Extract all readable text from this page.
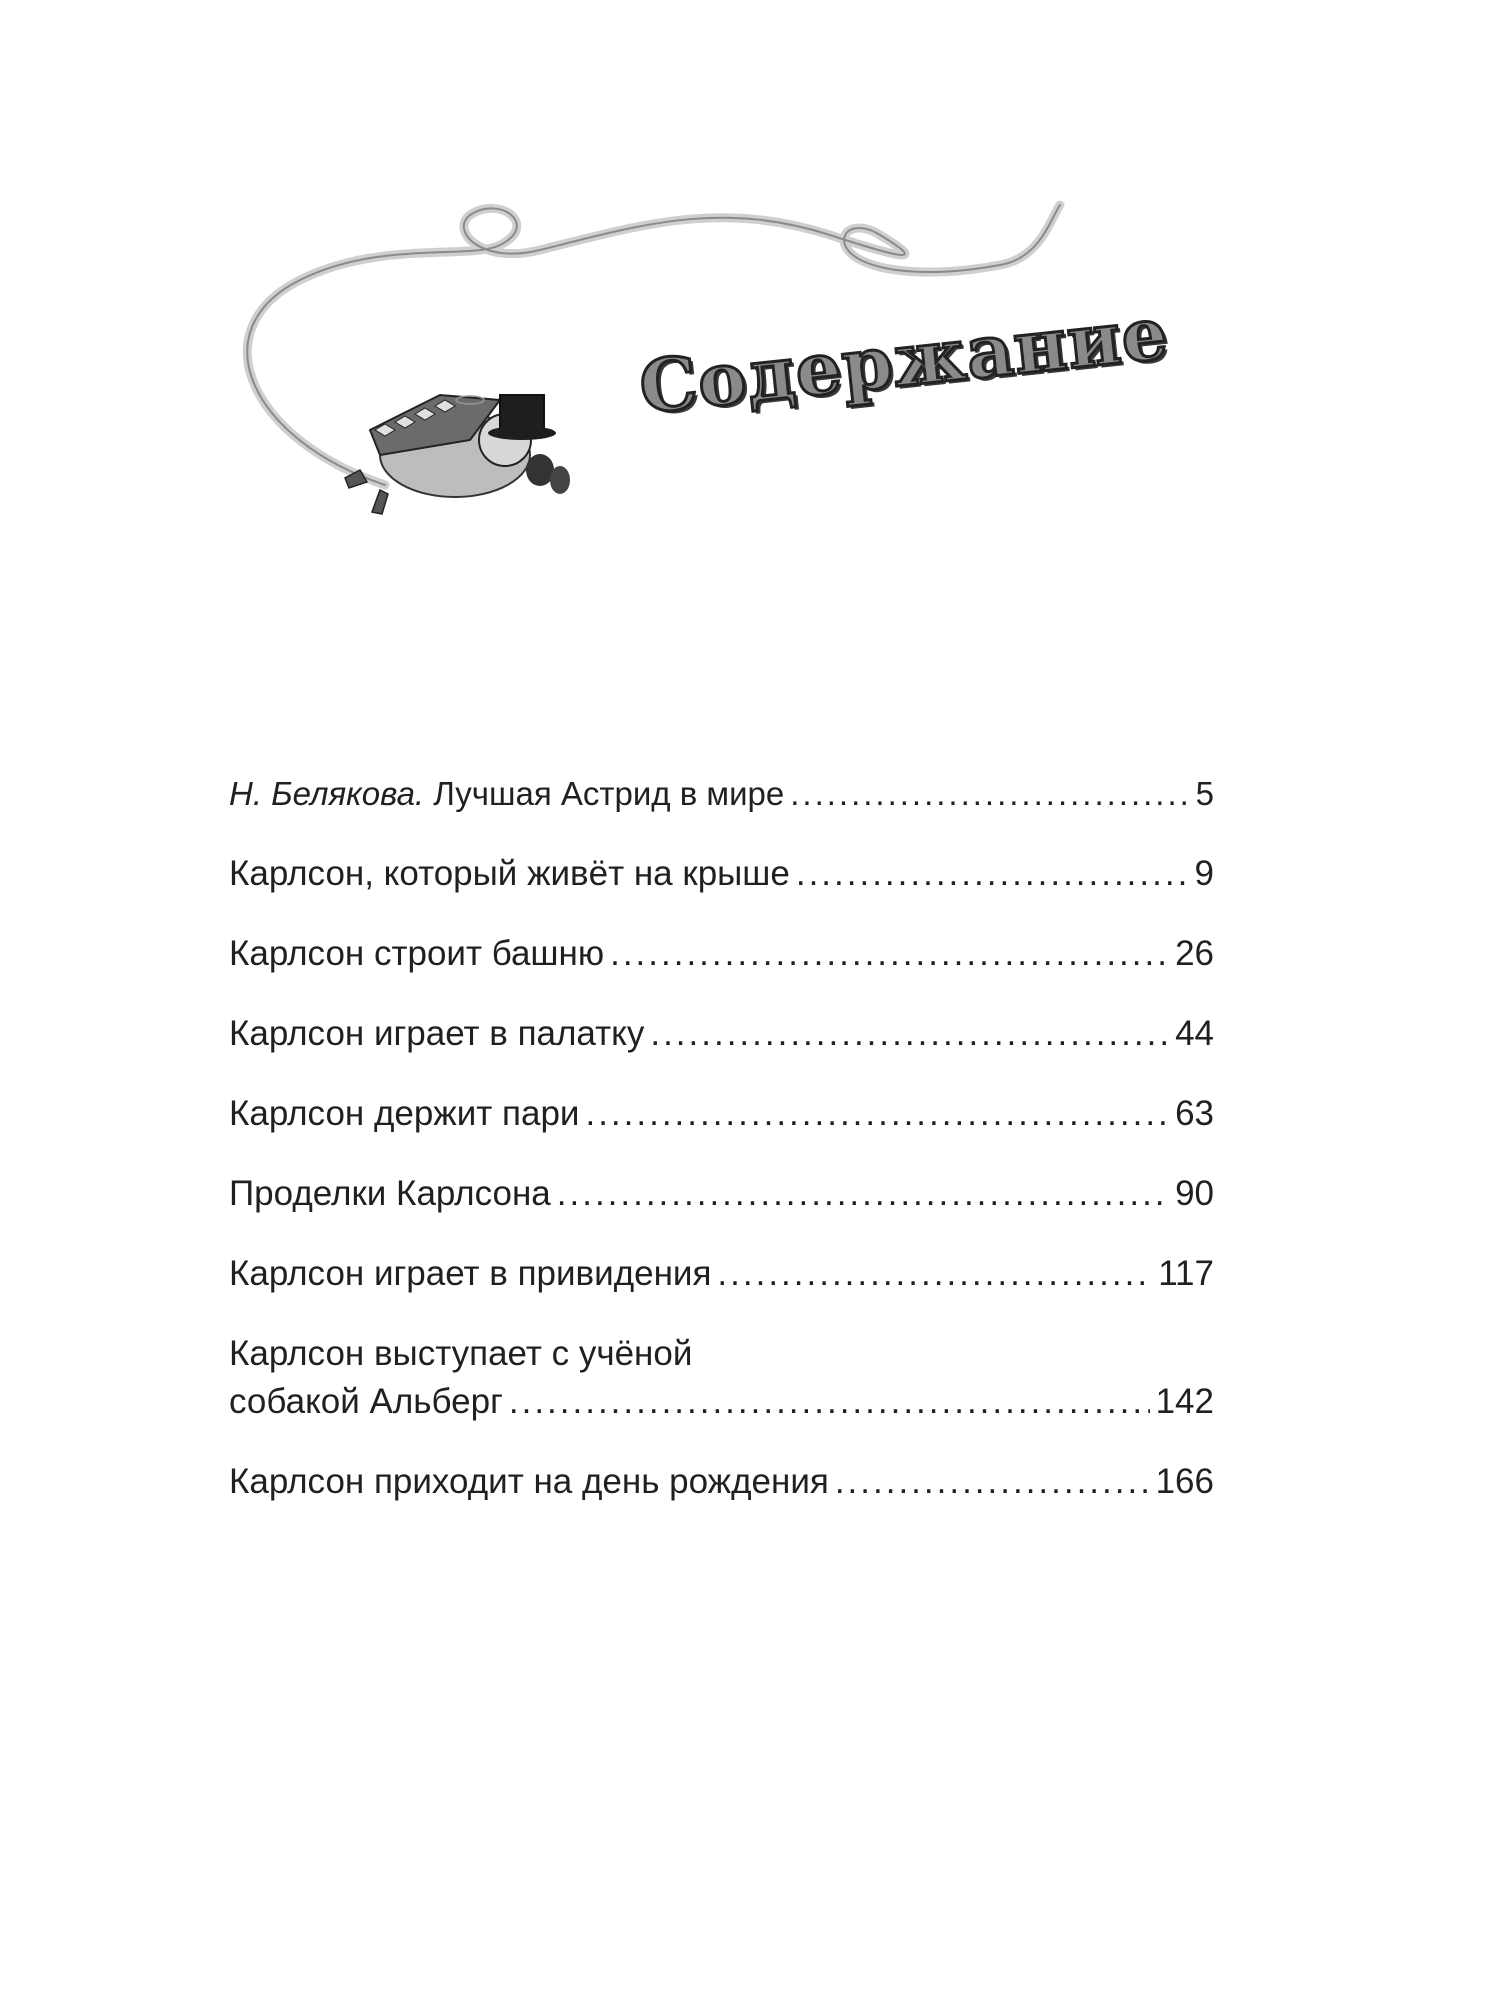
Содержание
Н. Белякова. Лучшая Астрид в мире .....	5
Карлсон, который живёт на крыше .....	9
Карлсон строит башню .....	26
Карлсон играет в палатку .....	44
Карлсон держит пари .....	63
Проделки Карлсона .....	90
Карлсон играет в привидения .....	117
Карлсон выступает с учёной
собакой Альберг .....	142
Карлсон приходит на день рождения .....	166
